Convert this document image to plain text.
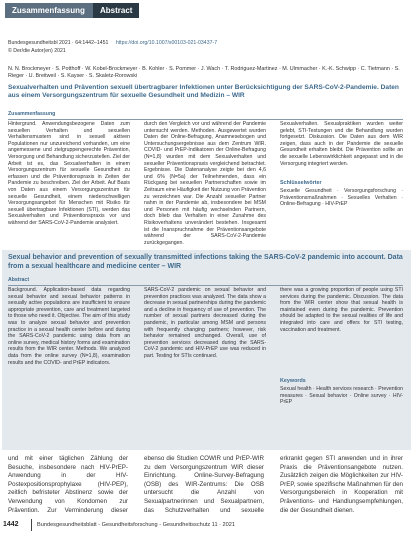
Zusammenfassung	Abstract
Bundesgesundheitsbl 2021 · 64:1442–1451 https://doi.org/10.1007/s00103-021-03437-7
© Der/die Autor(en) 2021
N. N. Brockmeyer · S. Potthoff · W. Kobel-Brockmeyer · B. Kohler · S. Pommer · J. Wach · T. Rodriguez-Martinez · M. Ulmmacher · K.-K. Schwipp · C. Tietmann · S. Rieger · U. Breitweil · S. Kayser · S. Skaletz-Rorowski
Sexualverhalten und Prävention sexuell übertragbarer Infektionen unter Berücksichtigung der SARS-CoV-2-Pandemie. Daten aus einem Versorgungszentrum für sexuelle Gesundheit und Medizin – WIR
Zusammenfassung
Hintergrund. Anwendungsbezogene Daten zum sexuellen Verhalten und sexuellen Verhaltensmustern sind in sexuell aktiven Populationen nur unzureichend vorhanden, um eine angemessene und zielgruppengerechte Prävention, Versorgung und Behandlung sicherzustellen. Ziel der Arbeit ist es, das Sexualverhalten in einem Versorgungszentrum für sexuelle Gesundheit zu erfassen und die Präventionspraxis in Zeiten der Pandemie zu beschreiben. Ziel der Arbeit. Auf Basis von Daten aus einem Versorgungszentrum für sexuelle Gesundheit, einem niederschwelligen Versorgungsangebot für Menschen mit Risiko für sexuell übertragbare Infektionen (STI), werden das Sexualverhalten und Präventionspraxis vor und während der SARS-CoV-2-Pandemie analysiert.
durch den Vergleich vor und während der Pandemie untersucht werden. Methoden. Ausgewertet wurden Daten der Online-Befragung, Anamnesebogen und Untersuchungsergebnisse aus dem Zentrum WIR. COVID- und PrEP-Indikatoren der Online-Befragung (N=1,8) wurden mit dem Sexualverhalten und sexueller Präventionspraxis vergleichend betrachtet. Ergebnisse. Die Datenanalyse zeigte bei den 4,6 und 6% (N=5a) der Teilnehmenden, dass ein Rückgang bei sexuellen Partnerschaften sowie im Zeitraum eine Häufigkeit der Nutzung von Prävention zu verzeichnen war. Die Anzahl sexueller Partner nahm in der Pandemie ab, insbesondere bei MSM und Personen mit häufig wechselnden Partnern, doch blieb das Verhalten in einer Zunahme des Risikoverhaltens unverändert bestehen. Insgesamt ist die Inanspruchnahme der Präventionsangebote während der SARS-CoV-2-Pandemie zurückgegangen.
Sexualverhalten. Sexualpraktiken wurden weiter gelebt, STI-Testungen und die Behandlung wurden fortgesetzt. Diskussion. Die Daten aus dem WIR zeigen, dass auch in der Pandemie die sexuelle Gesundheit erhalten bleibt. Die Prävention sollte an die sexuelle Lebenswirklichkeit angepasst und in die Versorgung integriert werden.
Schlüsselwörter
Sexuelle Gesundheit · Versorgungsforschung · Präventionsmaßnahmen · Sexuelles Verhalten · Online-Befragung · HIV-PrEP
Sexual behavior and prevention of sexually transmitted infections taking the SARS-CoV-2 pandemic into account. Data from a sexual healthcare and medicine center – WIR
Abstract
Background. Application-based data regarding sexual behavior and sexual behavior patterns in sexually active populations are insufficient to ensure appropriate prevention, care and treatment targeted to those who need it. Objective. The aim of this study was to analyze sexual behavior and prevention practice in a sexual health center before and during the SARS-CoV-2 pandemic using data from an online survey, medical history forms and examination results from the WIR center. Methods. We analyzed data from the online survey (N=1,8), examination results and the COVID- and PrEP indicators.
SARS-CoV-2 pandemic on sexual behavior and prevention practices was analyzed. The data show a decrease in sexual partnerships during the pandemic and a decline in frequency of use of prevention. The number of sexual partners decreased during the pandemic, in particular among MSM and persons with frequently changing partners; however, risk behavior remained unchanged. Overall, use of prevention services decreased during the SARS-CoV-2 pandemic and HIV-PrEP use was reduced in part. Testing for STIs continued.
there was a growing proportion of people using STI services during the pandemic. Discussion. The data from the WIR center show that sexual health is maintained even during the pandemic. Prevention should be adapted to the sexual realities of life and integrated into care and offers for STI testing, vaccination and treatment.
Keywords
Sexual health · Health services research · Prevention measures · Sexual behavior · Online survey · HIV-PrEP
und mit einer täglichen Zählung der Besuche, insbesondere nach HIV-PrEP-Anwendung in der HIV-Postexpositionsprophylaxe (HIV-PEP), zeitlich befristeter Abstinenz sowie der Verwendung von Kondomen zur Prävention. Zur Verminderung dieser
ebenso die Studien COWIR und PrEP-WIR zu dem Versorgungszentrum WIR dieser Einrichtung. Online-Survey-Befragung (OSB) des WIR-Zentrums: Die OSB untersucht die Anzahl von Sexualpartnerinnen und Sexualpartnern, das Schutzverhalten und sexuelle
erkrankt gegen STI anwenden und in ihrer Praxis die Präventionsangebote nutzen. Zusätzlich zeigen die Möglichkeiten zur HIV-PrEP, sowie spezifische Maßnahmen für den Versorgungsbereich in Kooperation mit Präventions- und Handlungsempfehlungen, die der Gesundheit dienen.
1442	Bundesgesundheitsblatt - Gesundheitsforschung - Gesundheitsschutz 11 · 2021
